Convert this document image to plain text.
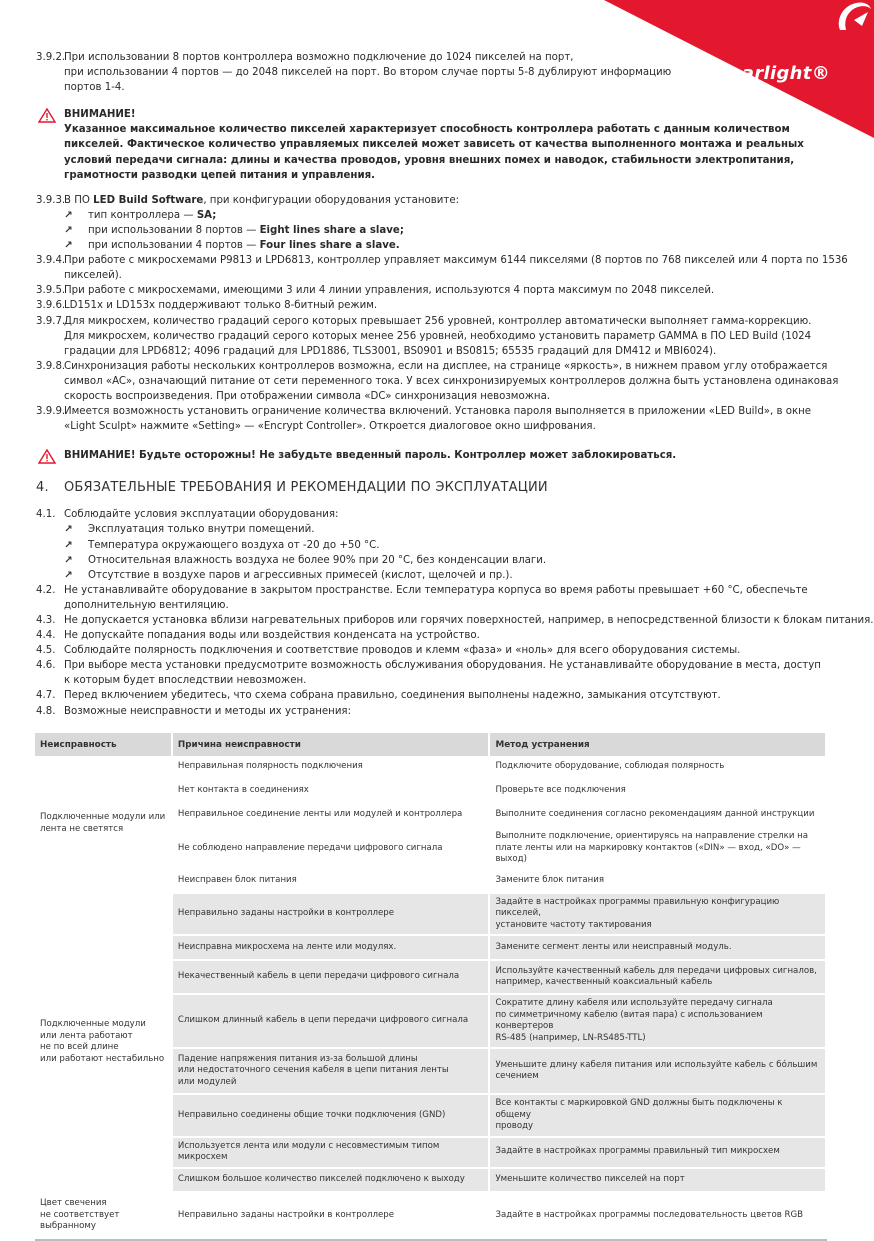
arlight®
3.9.2.При использовании 8 портов контроллера возможно подключение до 1024 пикселей на порт,
при использовании 4 портов — до 2048 пикселей на порт. Во втором случае порты 5-8 дублируют информацию
портов 1-4.
ВНИМАНИЕ!
Указанное максимальное количество пикселей характеризует способность контроллера работать с данным количеством
пикселей. Фактическое количество управляемых пикселей может зависеть от качества выполненного монтажа и реальных
условий передачи сигнала: длины и качества проводов, уровня внешних помех и наводок, стабильности электропитания,
грамотности разводки цепей питания и управления.
3.9.3.В ПО LED Build Software, при конфигурации оборудования установите:
↗ тип контроллера — SA;
↗ при использовании 8 портов — Eight lines share a slave;
↗ при использовании 4 портов — Four lines share a slave.
3.9.4.При работе с микросхемами P9813 и LPD6813, контроллер управляет максимум 6144 пикселями (8 портов по 768 пикселей или 4 порта по 1536
пикселей).
3.9.5.При работе с микросхемами, имеющими 3 или 4 линии управления, используются 4 порта максимум по 2048 пикселей.
3.9.6.LD151x и LD153x поддерживают только 8-битный режим.
3.9.7.Для микросхем, количество градаций серого которых превышает 256 уровней, контроллер автоматически выполняет гамма-коррекцию.
Для микросхем, количество градаций серого которых менее 256 уровней, необходимо установить параметр GAMMA в ПО LED Build (1024
градации для LPD6812; 4096 градаций для LPD1886, TLS3001, BS0901 и BS0815; 65535 градаций для DM412 и MBI6024).
3.9.8.Синхронизация работы нескольких контроллеров возможна, если на дисплее, на странице «яркость», в нижнем правом углу отображается
символ «AC», означающий питание от сети переменного тока. У всех синхронизируемых контроллеров должна быть установлена одинаковая
скорость воспроизведения. При отображении символа «DC» синхронизация невозможна.
3.9.9.Имеется возможность установить ограничение количества включений. Установка пароля выполняется в приложении «LED Build», в окне
«Light Sculpt» нажмите «Setting» — «Encrypt Controller». Откроется диалоговое окно шифрования.
ВНИМАНИЕ! Будьте осторожны! Не забудьте введенный пароль. Контроллер может заблокироваться.
4. ОБЯЗАТЕЛЬНЫЕ ТРЕБОВАНИЯ И РЕКОМЕНДАЦИИ ПО ЭКСПЛУАТАЦИИ
4.1. Соблюдайте условия эксплуатации оборудования:
↗ Эксплуатация только внутри помещений.
↗ Температура окружающего воздуха от -20 до +50 °C.
↗ Относительная влажность воздуха не более 90% при 20 °C, без конденсации влаги.
↗ Отсутствие в воздухе паров и агрессивных примесей (кислот, щелочей и пр.).
4.2. Не устанавливайте оборудование в закрытом пространстве. Если температура корпуса во время работы превышает +60 °C, обеспечьте
дополнительную вентиляцию.
4.3. Не допускается установка вблизи нагревательных приборов или горячих поверхностей, например, в непосредственной близости к блокам питания.
4.4. Не допускайте попадания воды или воздействия конденсата на устройство.
4.5. Соблюдайте полярность подключения и соответствие проводов и клемм «фаза» и «ноль» для всего оборудования системы.
4.6. При выборе места установки предусмотрите возможность обслуживания оборудования. Не устанавливайте оборудование в места, доступ
к которым будет впоследствии невозможен.
4.7. Перед включением убедитесь, что схема собрана правильно, соединения выполнены надежно, замыкания отсутствуют.
4.8. Возможные неисправности и методы их устранения:
Неисправность	Причина неисправности	Метод устранения
Подключенные модули или
лента не светятся	Неправильная полярность подключения	Подключите оборудование, соблюдая полярность
	Нет контакта в соединениях	Проверьте все подключения
	Неправильное соединение ленты или модулей и контроллера	Выполните соединения согласно рекомендациям данной инструкции
	Не соблюдено направление передачи цифрового сигнала	Выполните подключение, ориентируясь на направление стрелки на
плате ленты или на маркировку контактов («DIN» — вход, «DO» — выход)
	Неисправен блок питания	Замените блок питания
Подключенные модули
или лента работают
не по всей длине
или работают нестабильно	Неправильно заданы настройки в контроллере	Задайте в настройках программы правильную конфигурацию пикселей,
установите частоту тактирования
	Неисправна микросхема на ленте или модулях.	Замените сегмент ленты или неисправный модуль.
	Некачественный кабель в цепи передачи цифрового сигнала	Используйте качественный кабель для передачи цифровых сигналов,
например, качественный коаксиальный кабель
	Слишком длинный кабель в цепи передачи цифрового сигнала	Сократите длину кабеля или используйте передачу сигнала
по симметричному кабелю (витая пара) с использованием конвертеров
RS-485 (например, LN-RS485-TTL)
	Падение напряжения питания из-за большой длины
или недостаточного сечения кабеля в цепи питания ленты
или модулей	Уменьшите длину кабеля питания или используйте кабель с бо́льшим
сечением
	Неправильно соединены общие точки подключения (GND)	Все контакты с маркировкой GND должны быть подключены к общему
проводу
	Используется лента или модули с несовместимым типом микросхем	Задайте в настройках программы правильный тип микросхем
	Слишком большое количество пикселей подключено к выходу	Уменьшите количество пикселей на порт
Цвет свечения
не соответствует
выбранному	Неправильно заданы настройки в контроллере	Задайте в настройках программы последовательность цветов RGB
